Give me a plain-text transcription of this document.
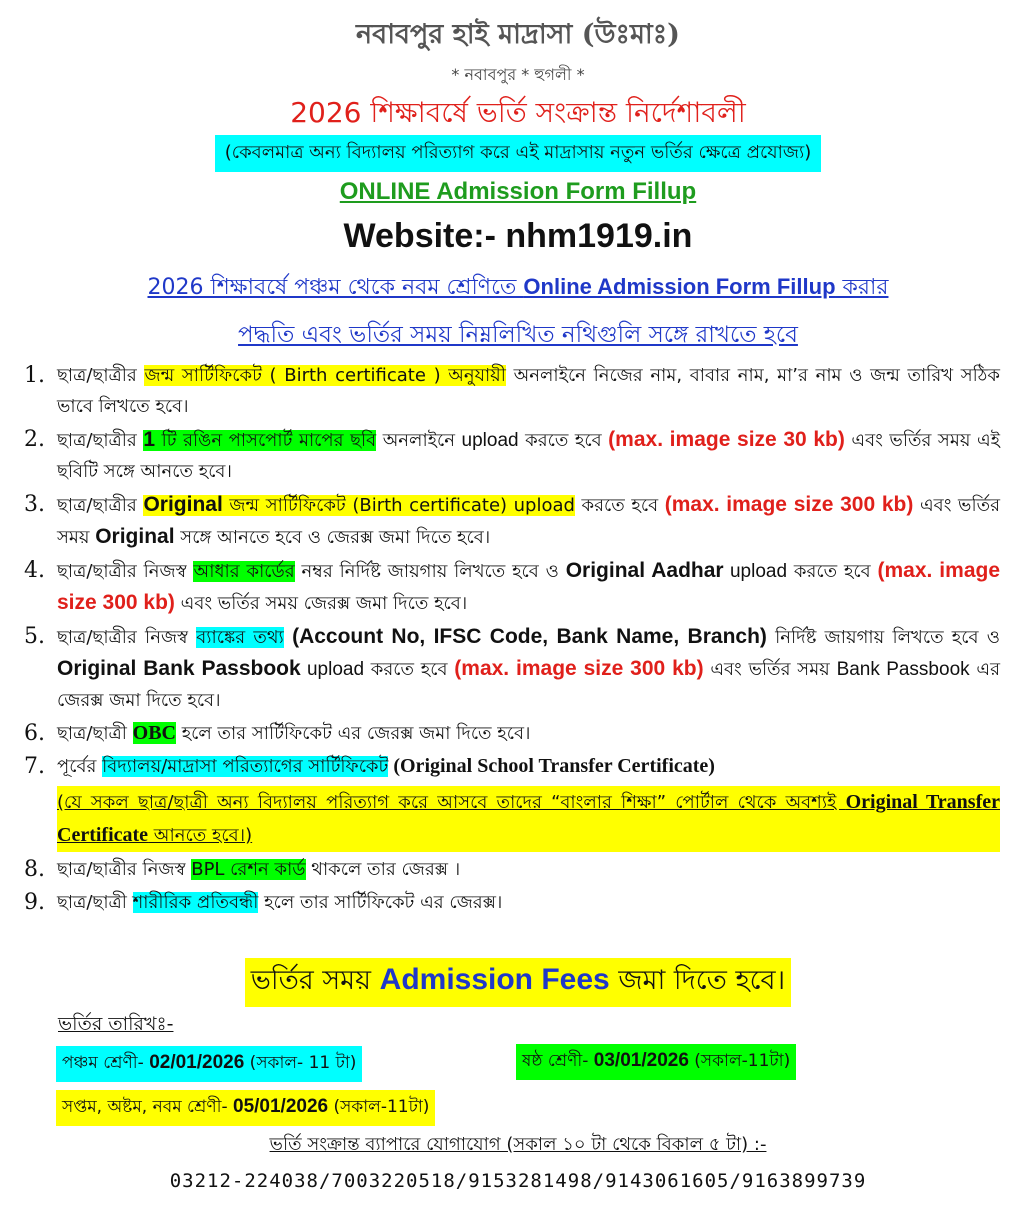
নবাবপুর হাই মাদ্রাসা (উঃমাঃ)
* নবাবপুর * হুগলী *
2026 শিক্ষাবর্ষে ভর্তি সংক্রান্ত নির্দেশাবলী
(কেবলমাত্র অন্য বিদ্যালয় পরিত্যাগ করে এই মাদ্রাসায় নতুন ভর্তির ক্ষেত্রে প্রযোজ্য)
ONLINE Admission Form Fillup
Website:- nhm1919.in
2026 শিক্ষাবর্ষে পঞ্চম থেকে নবম শ্রেণিতে Online Admission Form Fillup করার
পদ্ধতি এবং ভর্তির সময় নিম্নলিখিত নথিগুলি সঙ্গে রাখতে হবে
1. ছাত্র/ছাত্রীর জন্ম সার্টিফিকেট ( Birth certificate ) অনুযায়ী অনলাইনে নিজের নাম, বাবার নাম, মা’র নাম ও জন্ম তারিখ সঠিক ভাবে লিখতে হবে।
2. ছাত্র/ছাত্রীর 1 টি রঙিন পাসপোর্ট মাপের ছবি অনলাইনে upload করতে হবে (max. image size 30 kb) এবং ভর্তির সময় এই ছবিটি সঙ্গে আনতে হবে।
3. ছাত্র/ছাত্রীর Original জন্ম সার্টিফিকেট (Birth certificate) upload করতে হবে (max. image size 300 kb) এবং ভর্তির সময় Original সঙ্গে আনতে হবে ও জেরক্স জমা দিতে হবে।
4. ছাত্র/ছাত্রীর নিজস্ব আধার কার্ডের নম্বর নির্দিষ্ট জায়গায় লিখতে হবে ও Original Aadhar upload করতে হবে (max. image size 300 kb) এবং ভর্তির সময় জেরক্স জমা দিতে হবে।
5. ছাত্র/ছাত্রীর নিজস্ব ব্যাঙ্কের তথ্য (Account No, IFSC Code, Bank Name, Branch) নির্দিষ্ট জায়গায় লিখতে হবে ও Original Bank Passbook upload করতে হবে (max. image size 300 kb) এবং ভর্তির সময় Bank Passbook এর জেরক্স জমা দিতে হবে।
6. ছাত্র/ছাত্রী OBC হলে তার সার্টিফিকেট এর জেরক্স জমা দিতে হবে।
7. পূর্বের বিদ্যালয়/মাদ্রাসা পরিত্যাগের সার্টিফিকেট (Original School Transfer Certificate)
(যে সকল ছাত্র/ছাত্রী অন্য বিদ্যালয় পরিত্যাগ করে আসবে তাদের “বাংলার শিক্ষা” পোর্টাল থেকে অবশ্যই Original Transfer Certificate আনতে হবে।)
8. ছাত্র/ছাত্রীর নিজস্ব BPL রেশন কার্ড থাকলে তার জেরক্স ।
9. ছাত্র/ছাত্রী শারীরিক প্রতিবন্ধী হলে তার সার্টিফিকেট এর জেরক্স।
ভর্তির সময় Admission Fees জমা দিতে হবে।
ভর্তির তারিখঃ-
পঞ্চম শ্রেণী- 02/01/2026 (সকাল- 11 টা)	ষষ্ঠ শ্রেণী- 03/01/2026 (সকাল-11টা)
সপ্তম, অষ্টম, নবম শ্রেণী- 05/01/2026 (সকাল-11টা)
ভর্তি সংক্রান্ত ব্যাপারে যোগাযোগ (সকাল ১০ টা থেকে বিকাল ৫ টা) :-
03212-224038/7003220518/9153281498/9143061605/9163899739
